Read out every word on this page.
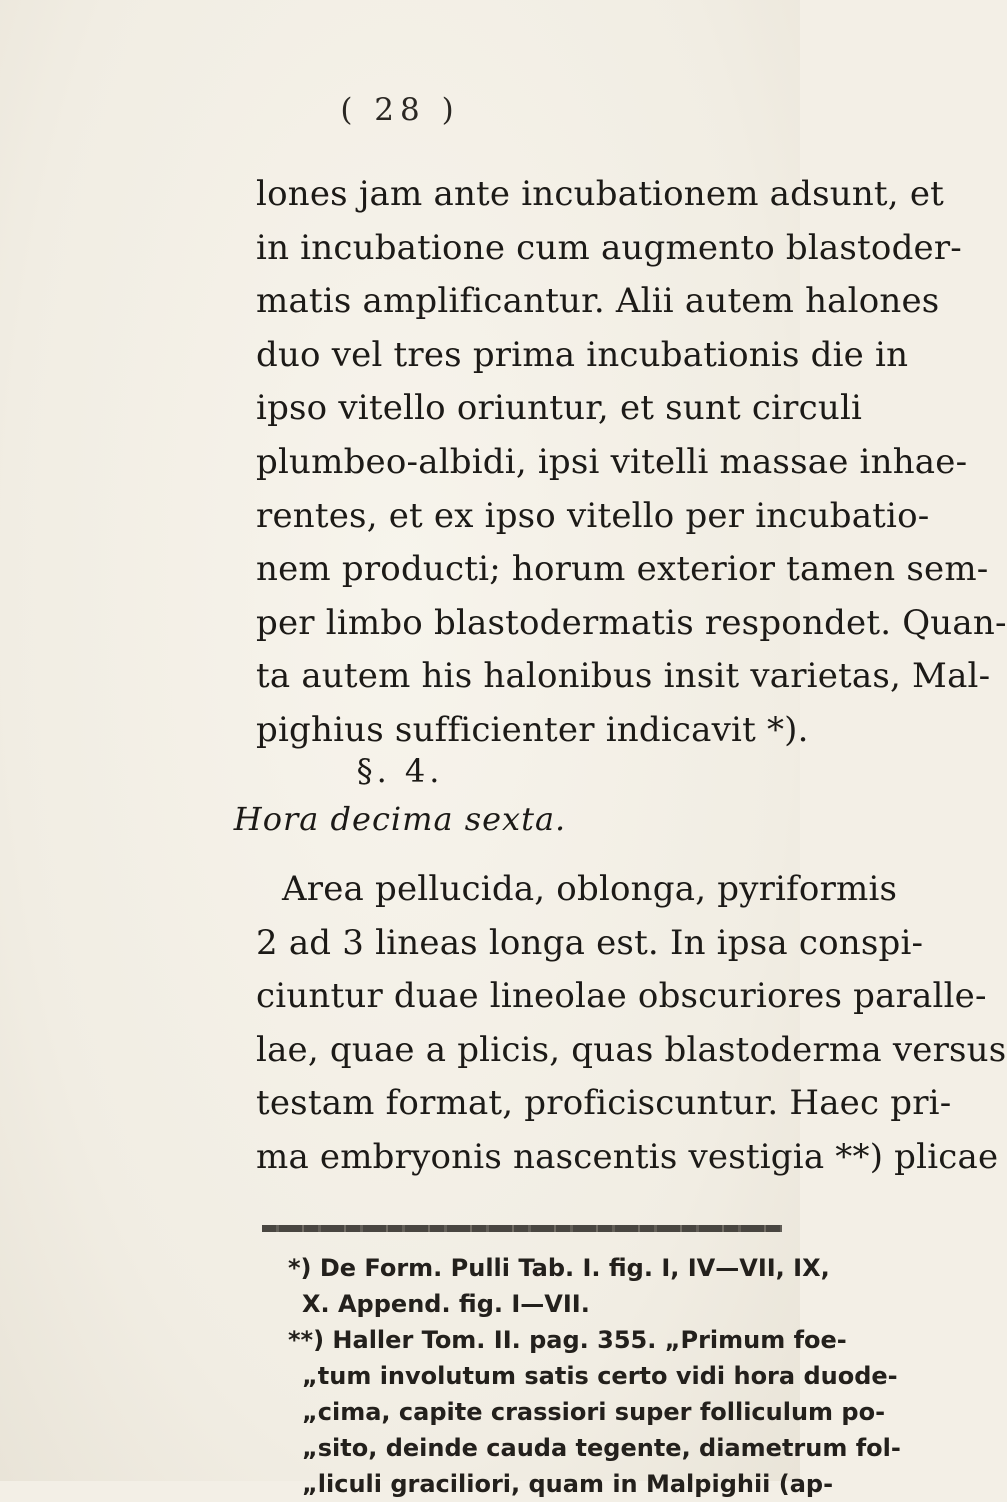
( 28 )
lones jam ante incubationem adsunt, et
in incubatione cum augmento blastoder-
matis amplificantur. Alii autem halones
duo vel tres prima incubationis die in
ipso vitello oriuntur, et sunt circuli
plumbeo-albidi, ipsi vitelli massae inhae-
rentes, et ex ipso vitello per incubatio-
nem producti; horum exterior tamen sem-
per limbo blastodermatis respondet. Quan-
ta autem his halonibus insit varietas, Mal-
pighius sufficienter indicavit *).
§. 4.
Hora decima sexta.
Area pellucida, oblonga, pyriformis
2 ad 3 lineas longa est. In ipsa conspi-
ciuntur duae lineolae obscuriores paralle-
lae, quae a plicis, quas blastoderma versus
testam format, proficiscuntur. Haec pri-
ma embryonis nascentis vestigia **) plicae
*) De Form. Pulli Tab. I. fig. I, IV—VII, IX,
X. Append. fig. I—VII.
**) Haller Tom. II. pag. 355. „Primum foe-
„tum involutum satis certo vidi hora duode-
„cima, capite crassiori super folliculum po-
„sito, deinde cauda tegente, diametrum fol-
„liculi graciliori, quam in Malpighii (ap-
